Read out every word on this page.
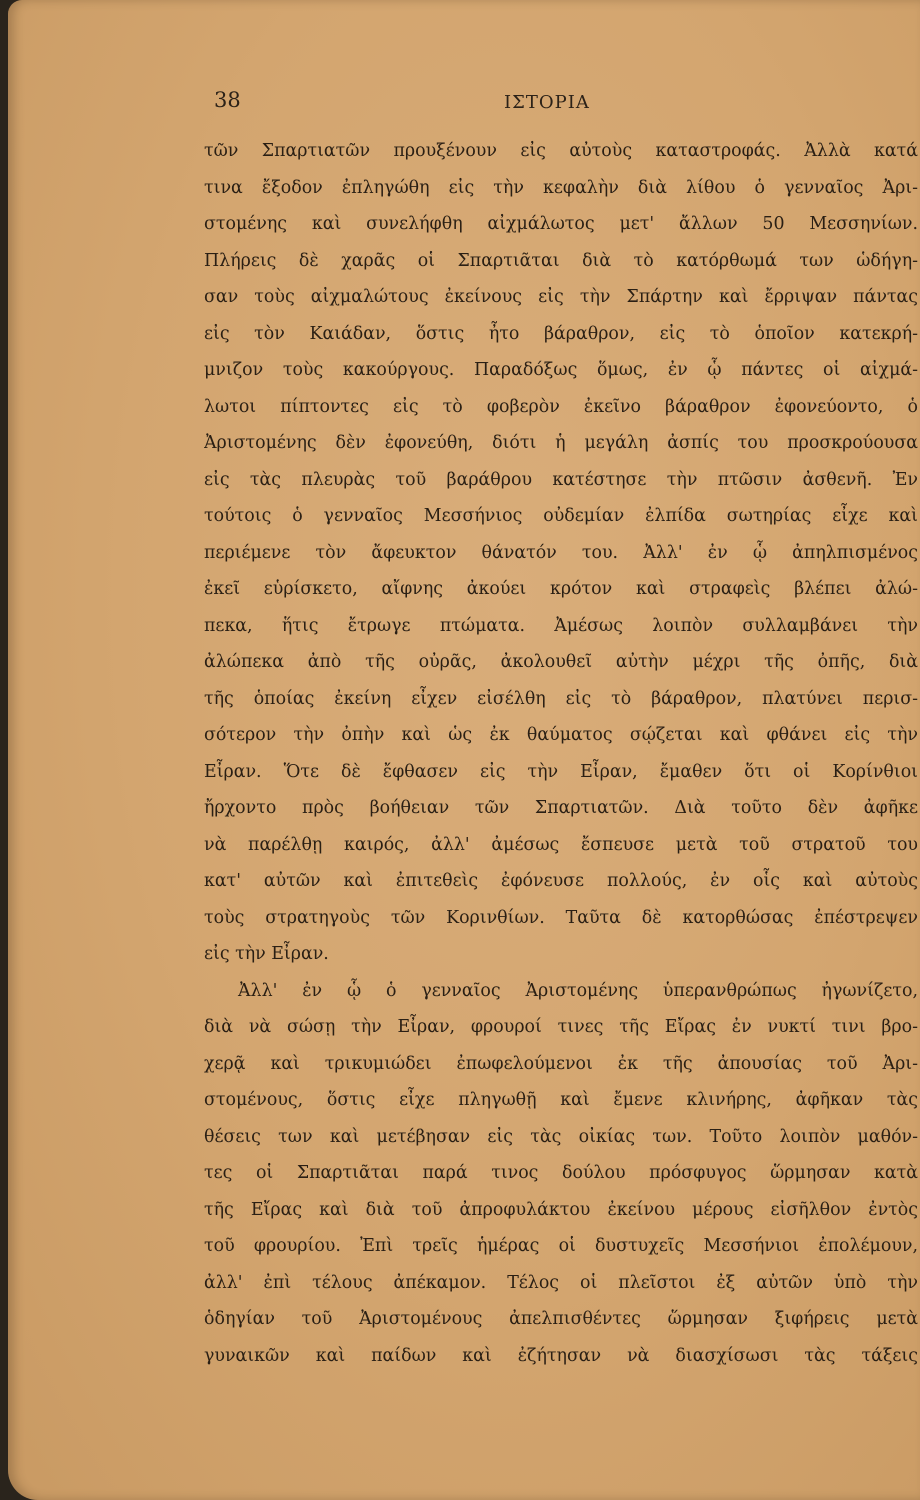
38	ΙΣΤΟΡΙΑ
τῶν Σπαρτιατῶν προυξένουν εἰς αὐτοὺς καταστροφάς. Ἀλλὰ κατά
τινα ἔξοδον ἐπληγώθη εἰς τὴν κεφαλὴν διὰ λίθου ὁ γενναῖος Ἀρι-
στομένης καὶ συνελήφθη αἰχμάλωτος μετ' ἄλλων 50 Μεσσηνίων.
Πλήρεις δὲ χαρᾶς οἱ Σπαρτιᾶται διὰ τὸ κατόρθωμά των ὡδήγη-
σαν τοὺς αἰχμαλώτους ἐκείνους εἰς τὴν Σπάρτην καὶ ἔρριψαν πάντας
εἰς τὸν Καιάδαν, ὅστις ἦτο βάραθρον, εἰς τὸ ὁποῖον κατεκρή-
μνιζον τοὺς κακούργους. Παραδόξως ὅμως, ἐν ᾧ πάντες οἱ αἰχμά-
λωτοι πίπτοντες εἰς τὸ φοβερὸν ἐκεῖνο βάραθρον ἐφονεύοντο, ὁ
Ἀριστομένης δὲν ἐφονεύθη, διότι ἡ μεγάλη ἀσπίς του προσκρούουσα
εἰς τὰς πλευρὰς τοῦ βαράθρου κατέστησε τὴν πτῶσιν ἀσθενῆ. Ἐν
τούτοις ὁ γενναῖος Μεσσήνιος οὐδεμίαν ἐλπίδα σωτηρίας εἶχε καὶ
περιέμενε τὸν ἄφευκτον θάνατόν του. Ἀλλ' ἐν ᾧ ἀπηλπισμένος
ἐκεῖ εὑρίσκετο, αἴφνης ἀκούει κρότον καὶ στραφεὶς βλέπει ἀλώ-
πεκα, ἥτις ἔτρωγε πτώματα. Ἀμέσως λοιπὸν συλλαμβάνει τὴν
ἀλώπεκα ἀπὸ τῆς οὐρᾶς, ἀκολουθεῖ αὐτὴν μέχρι τῆς ὀπῆς, διὰ
τῆς ὁποίας ἐκείνη εἶχεν εἰσέλθη εἰς τὸ βάραθρον, πλατύνει περισ-
σότερον τὴν ὀπὴν καὶ ὡς ἐκ θαύματος σῴζεται καὶ φθάνει εἰς τὴν
Εἶραν. Ὅτε δὲ ἔφθασεν εἰς τὴν Εἶραν, ἔμαθεν ὅτι οἱ Κορίνθιοι
ἤρχοντο πρὸς βοήθειαν τῶν Σπαρτιατῶν. Διὰ τοῦτο δὲν ἀφῆκε
νὰ παρέλθῃ καιρός, ἀλλ' ἀμέσως ἔσπευσε μετὰ τοῦ στρατοῦ του
κατ' αὐτῶν καὶ ἐπιτεθεὶς ἐφόνευσε πολλούς, ἐν οἷς καὶ αὐτοὺς
τοὺς στρατηγοὺς τῶν Κορινθίων. Ταῦτα δὲ κατορθώσας ἐπέστρεψεν
εἰς τὴν Εἶραν.
Ἀλλ' ἐν ᾧ ὁ γενναῖος Ἀριστομένης ὑπερανθρώπως ἠγωνίζετο,
διὰ νὰ σώσῃ τὴν Εἶραν, φρουροί τινες τῆς Εἴρας ἐν νυκτί τινι βρο-
χερᾷ καὶ τρικυμιώδει ἐπωφελούμενοι ἐκ τῆς ἀπουσίας τοῦ Ἀρι-
στομένους, ὅστις εἶχε πληγωθῇ καὶ ἔμενε κλινήρης, ἀφῆκαν τὰς
θέσεις των καὶ μετέβησαν εἰς τὰς οἰκίας των. Τοῦτο λοιπὸν μαθόν-
τες οἱ Σπαρτιᾶται παρά τινος δούλου πρόσφυγος ὥρμησαν κατὰ
τῆς Εἴρας καὶ διὰ τοῦ ἀπροφυλάκτου ἐκείνου μέρους εἰσῆλθον ἐντὸς
τοῦ φρουρίου. Ἐπὶ τρεῖς ἡμέρας οἱ δυστυχεῖς Μεσσήνιοι ἐπολέμουν,
ἀλλ' ἐπὶ τέλους ἀπέκαμον. Τέλος οἱ πλεῖστοι ἐξ αὐτῶν ὑπὸ τὴν
ὁδηγίαν τοῦ Ἀριστομένους ἀπελπισθέντες ὥρμησαν ξιφήρεις μετὰ
γυναικῶν καὶ παίδων καὶ ἐζήτησαν νὰ διασχίσωσι τὰς τάξεις
